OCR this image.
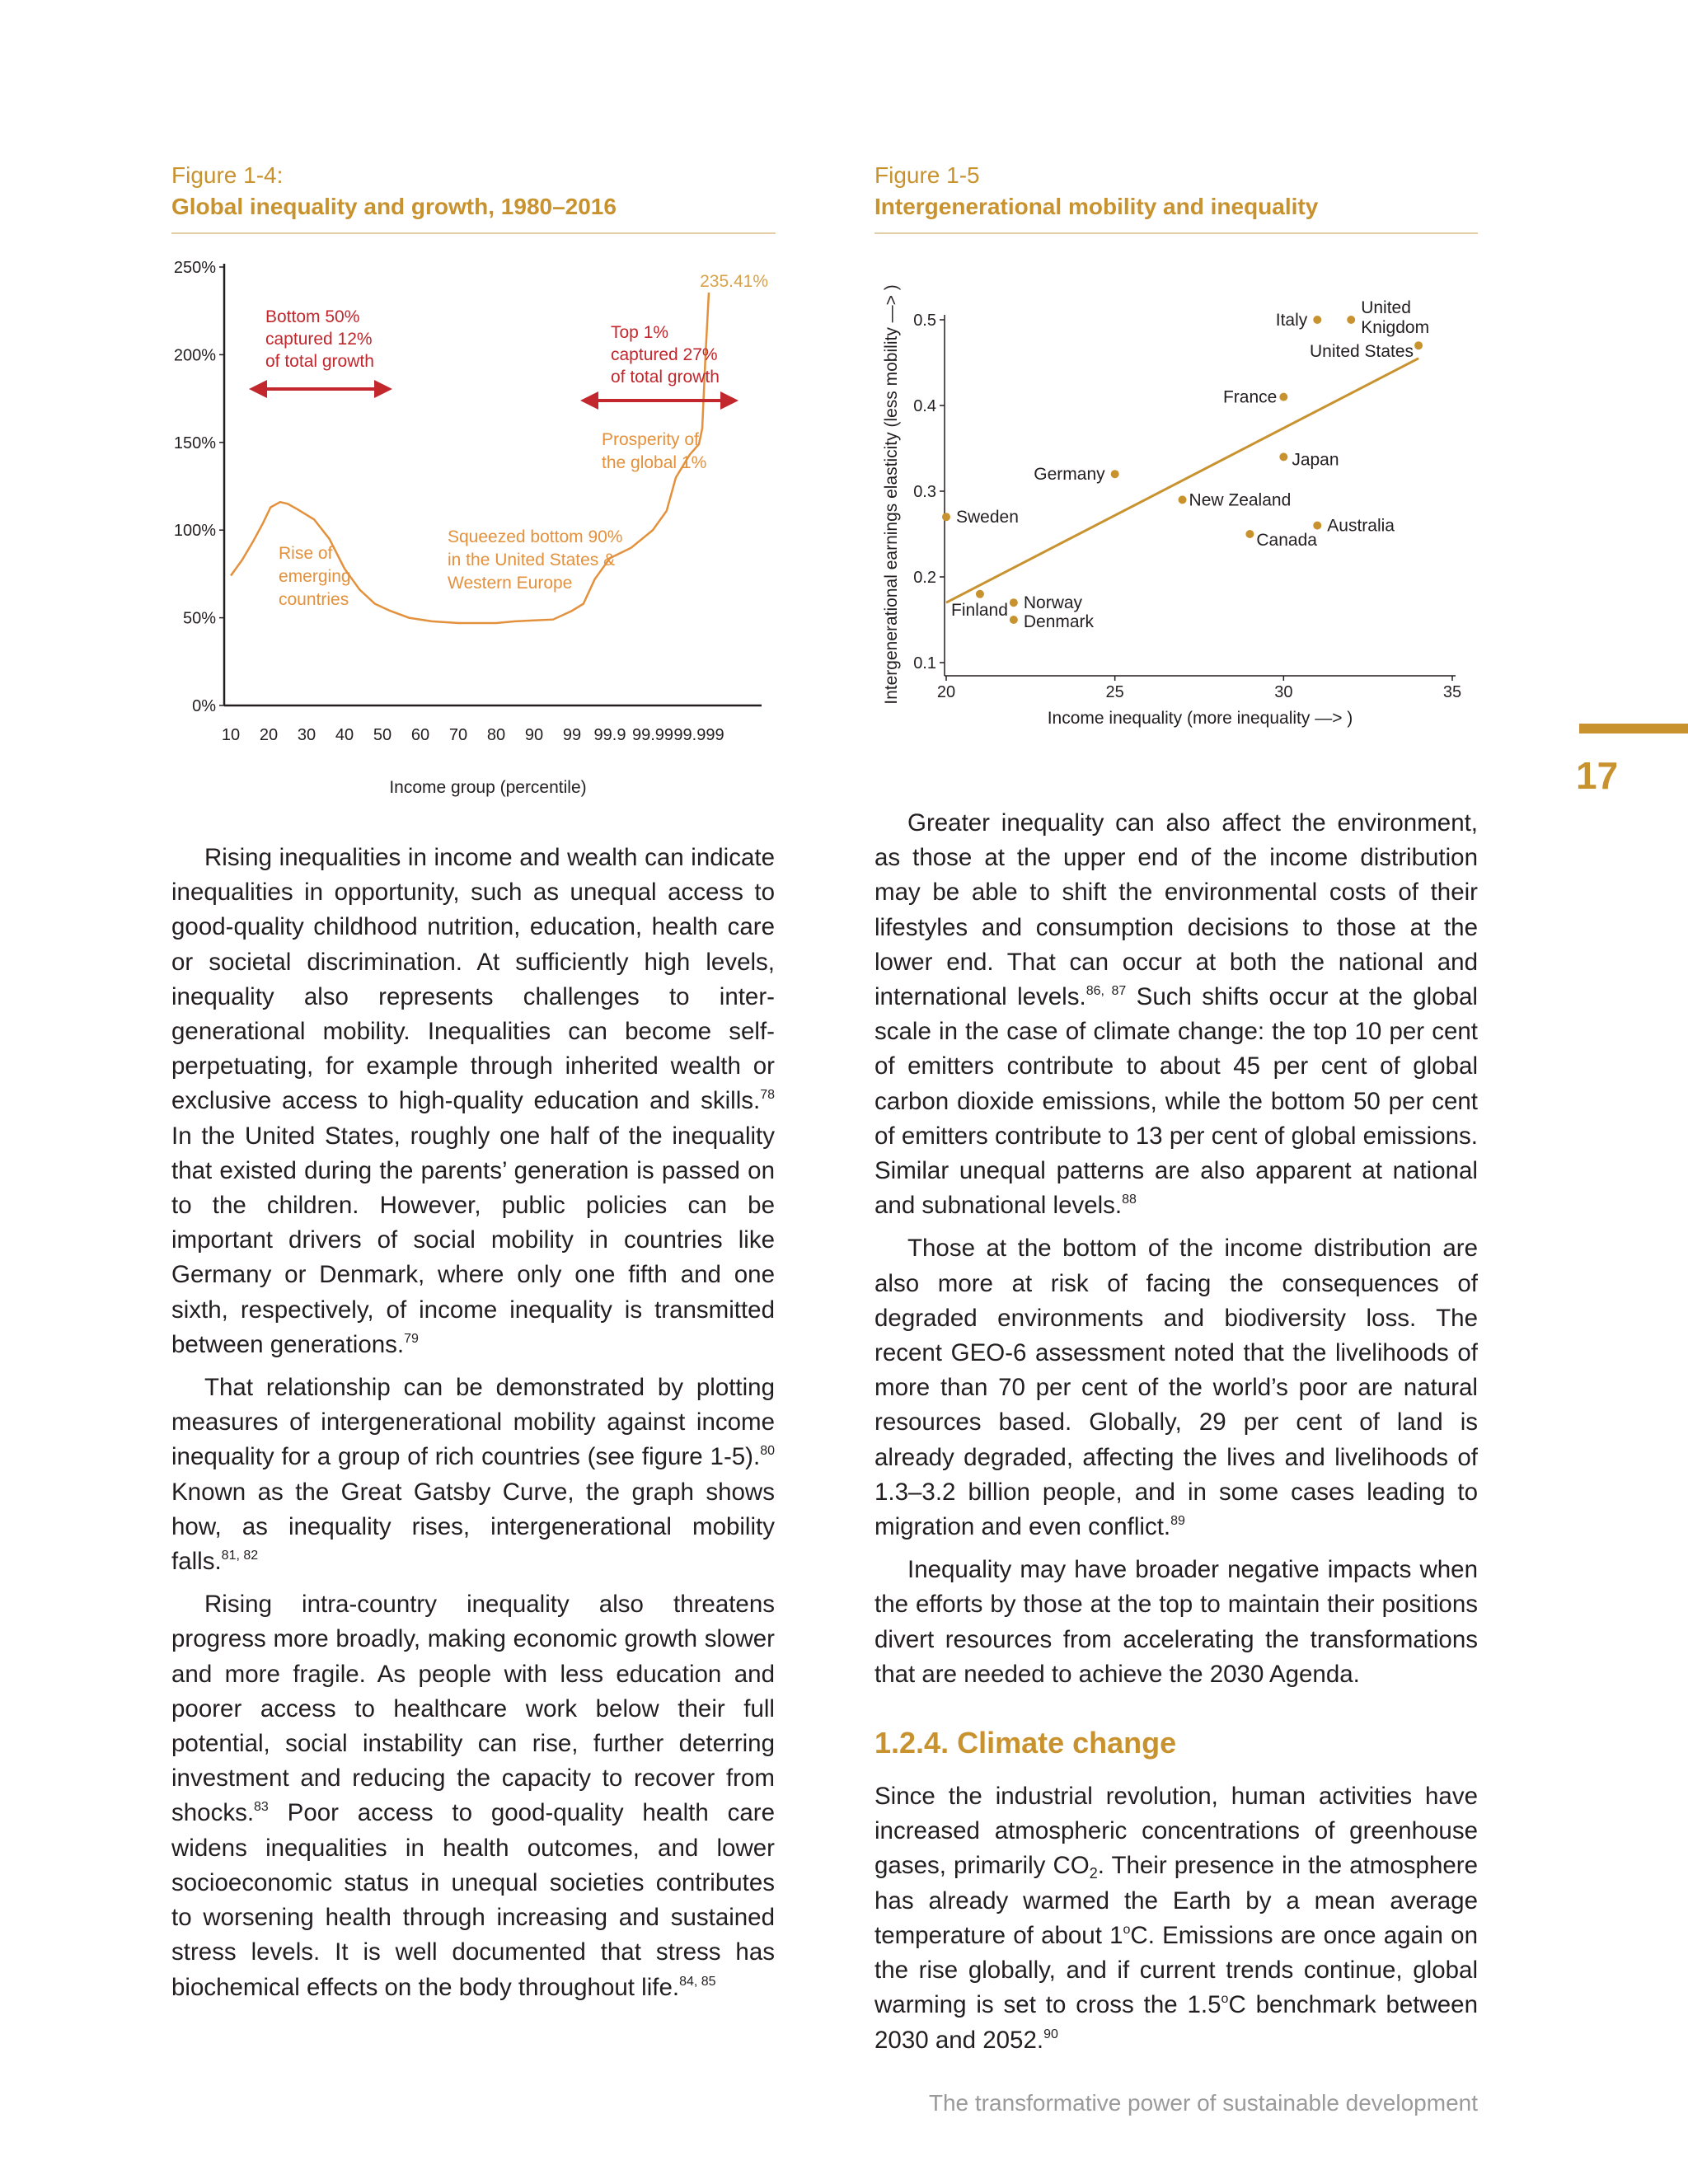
Figure 1-4:
Global inequality and growth, 1980–2016
Figure 1-5
Intergenerational mobility and inequality
0%
50%
100%
150%
200%
250%
10 20 30 40 50 60 70 80 90 99 99.9 99.99 99.999
235.41%
Bottom 50% captured 12% of total growth
Top 1% captured 27% of total growth
Rise of emerging countries
Squeezed bottom 90% in the United States & Western Europe
Prosperity of the global 1%
Income group (percentile)
0.1
0.2
0.3
0.4
0.5
20	25	30	35
Italy
United Knigdom
United States
France
Japan
Germany
New Zealand
Australia
Canada
Sweden
Finland Norway
Denmark
Intergenerational earnings elasticity (less mobility —> )
Income inequality (more inequality —> )

Rising inequalities in income and wealth can indicate inequalities in opportunity, such as unequal access to good-quality childhood nutrition, education, health care or societal discrimination. At sufficiently high levels, inequality also represents challenges to inter-generational mobility. Inequalities can become self-perpetuating, for example through inherited wealth or exclusive access to high-quality education and skills.$^{78}$ In the United States, roughly one half of the inequality that existed during the parents’ generation is passed on to the children. However, public policies can be important drivers of social mobility in countries like Germany or Denmark, where only one fifth and one sixth, respectively, of income inequality is transmitted between generations.$^{79}$

That relationship can be demonstrated by plotting measures of intergenerational mobility against income inequality for a group of rich countries (see figure 1-5).$^{80}$ Known as the Great Gatsby Curve, the graph shows how, as inequality rises, intergenerational mobility falls.$^{81, 82}$

Rising intra-country inequality also threatens progress more broadly, making economic growth slower and more fragile. As people with less education and poorer access to healthcare work below their full potential, social instability can rise, further deterring investment and reducing the capacity to recover from shocks.$^{83}$ Poor access to good-quality health care widens inequalities in health outcomes, and lower socioeconomic status in unequal societies contributes to worsening health through increasing and sustained stress levels. It is well documented that stress has biochemical effects on the body throughout life.$^{84, 85}$

Greater inequality can also affect the environment, as those at the upper end of the income distribution may be able to shift the environmental costs of their lifestyles and consumption decisions to those at the lower end. That can occur at both the national and international levels.$^{86, 87}$ Such shifts occur at the global scale in the case of climate change: the top 10 per cent of emitters contribute to about 45 per cent of global carbon dioxide emissions, while the bottom 50 per cent of emitters contribute to 13 per cent of global emissions. Similar unequal patterns are also apparent at national and subnational levels.$^{88}$

Those at the bottom of the income distribution are also more at risk of facing the consequences of degraded environments and biodiversity loss. The recent GEO-6 assessment noted that the livelihoods of more than 70 per cent of the world’s poor are natural resources based. Globally, 29 per cent of land is already degraded, affecting the lives and livelihoods of 1.3–3.2 billion people, and in some cases leading to migration and even conflict.$^{89}$

Inequality may have broader negative impacts when the efforts by those at the top to maintain their positions divert resources from accelerating the transformations that are needed to achieve the 2030 Agenda.

1.2.4. Climate change

Since the industrial revolution, human activities have increased atmospheric concentrations of greenhouse gases, primarily $CO_2$. Their presence in the atmosphere has already warmed the Earth by a mean average temperature of about 1$^o$C. Emissions are once again on the rise globally, and if current trends continue, global warming is set to cross the 1.5$^o$C benchmark between 2030 and 2052.90

17
The transformative power of sustainable development
